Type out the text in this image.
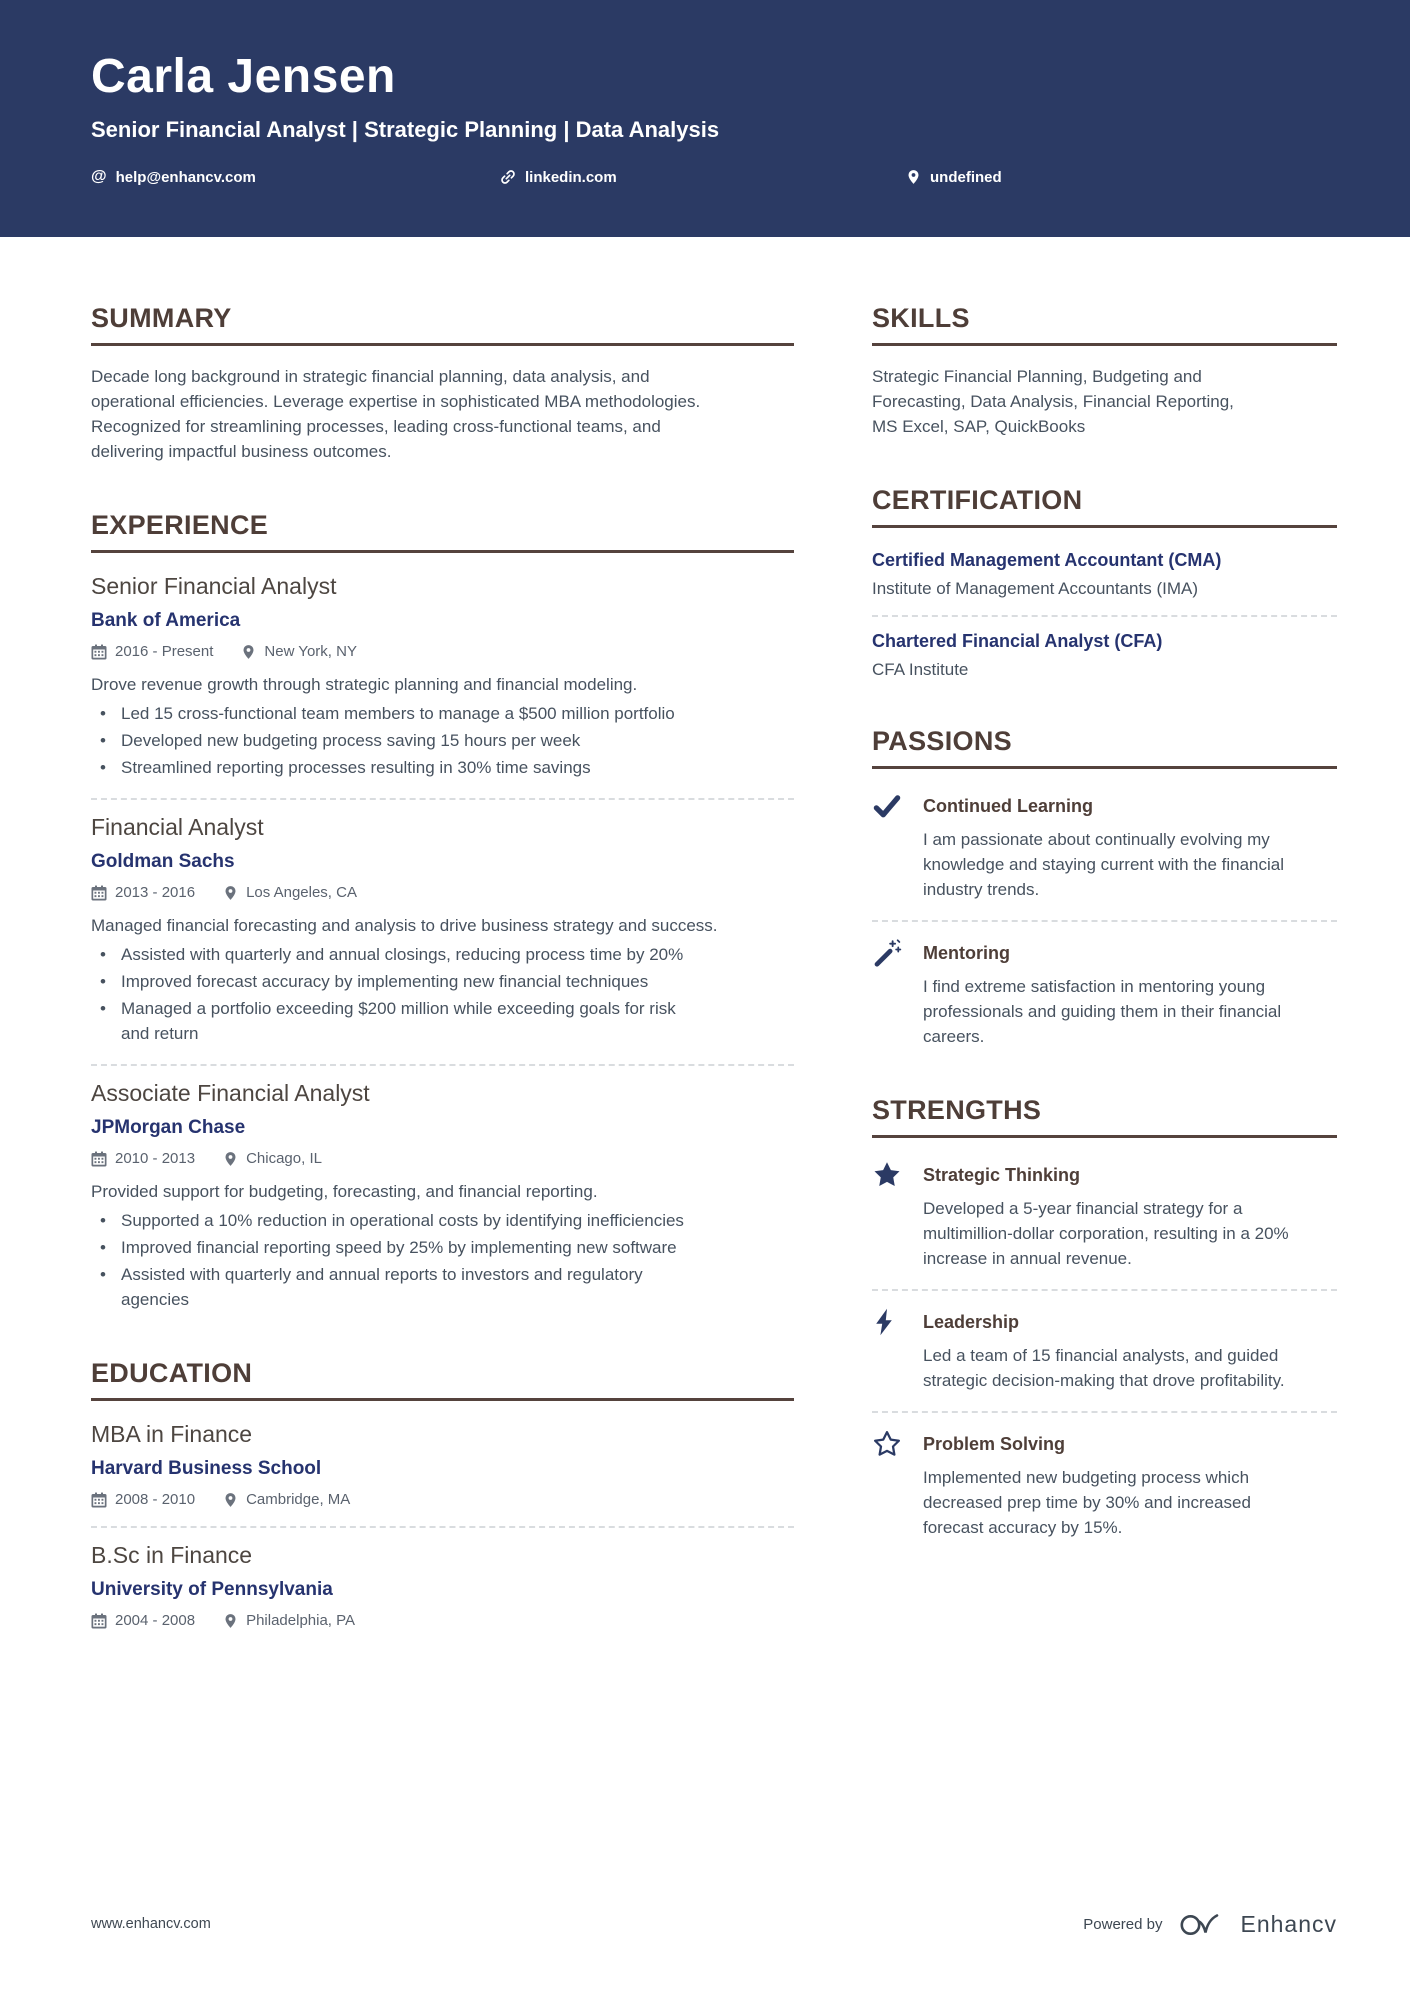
Carla Jensen
Senior Financial Analyst | Strategic Planning | Data Analysis
@ help@enhancv.com	linkedin.com	undefined
SUMMARY

Decade long background in strategic financial planning, data analysis, and operational efficiencies. Leverage expertise in sophisticated MBA methodologies. Recognized for streamlining processes, leading cross-functional teams, and delivering impactful business outcomes.

EXPERIENCE
Senior Financial Analyst
Bank of America
2016 - Present	New York, NY
Drove revenue growth through strategic planning and financial modeling.
• Led 15 cross-functional team members to manage a $500 million portfolio
• Developed new budgeting process saving 15 hours per week
• Streamlined reporting processes resulting in 30% time savings
Financial Analyst
Goldman Sachs
2013 - 2016	Los Angeles, CA
Managed financial forecasting and analysis to drive business strategy and success.
• Assisted with quarterly and annual closings, reducing process time by 20%
• Improved forecast accuracy by implementing new financial techniques
• Managed a portfolio exceeding $200 million while exceeding goals for risk and return
Associate Financial Analyst
JPMorgan Chase
2010 - 2013	Chicago, IL
Provided support for budgeting, forecasting, and financial reporting.
• Supported a 10% reduction in operational costs by identifying inefficiencies
• Improved financial reporting speed by 25% by implementing new software
• Assisted with quarterly and annual reports to investors and regulatory agencies
EDUCATION
MBA in Finance
Harvard Business School
2008 - 2010	Cambridge, MA
B.Sc in Finance
University of Pennsylvania
2004 - 2008	Philadelphia, PA
SKILLS

Strategic Financial Planning, Budgeting and Forecasting, Data Analysis, Financial Reporting, MS Excel, SAP, QuickBooks

CERTIFICATION
Certified Management Accountant (CMA)
Institute of Management Accountants (IMA)
Chartered Financial Analyst (CFA)
CFA Institute
PASSIONS
Continued Learning
I am passionate about continually evolving my knowledge and staying current with the financial industry trends.
Mentoring
I find extreme satisfaction in mentoring young professionals and guiding them in their financial careers.
STRENGTHS
Strategic Thinking
Developed a 5-year financial strategy for a multimillion-dollar corporation, resulting in a 20% increase in annual revenue.
Leadership
Led a team of 15 financial analysts, and guided strategic decision-making that drove profitability.
Problem Solving
Implemented new budgeting process which decreased prep time by 30% and increased forecast accuracy by 15%.
www.enhancv.com	Powered by	Enhancv
